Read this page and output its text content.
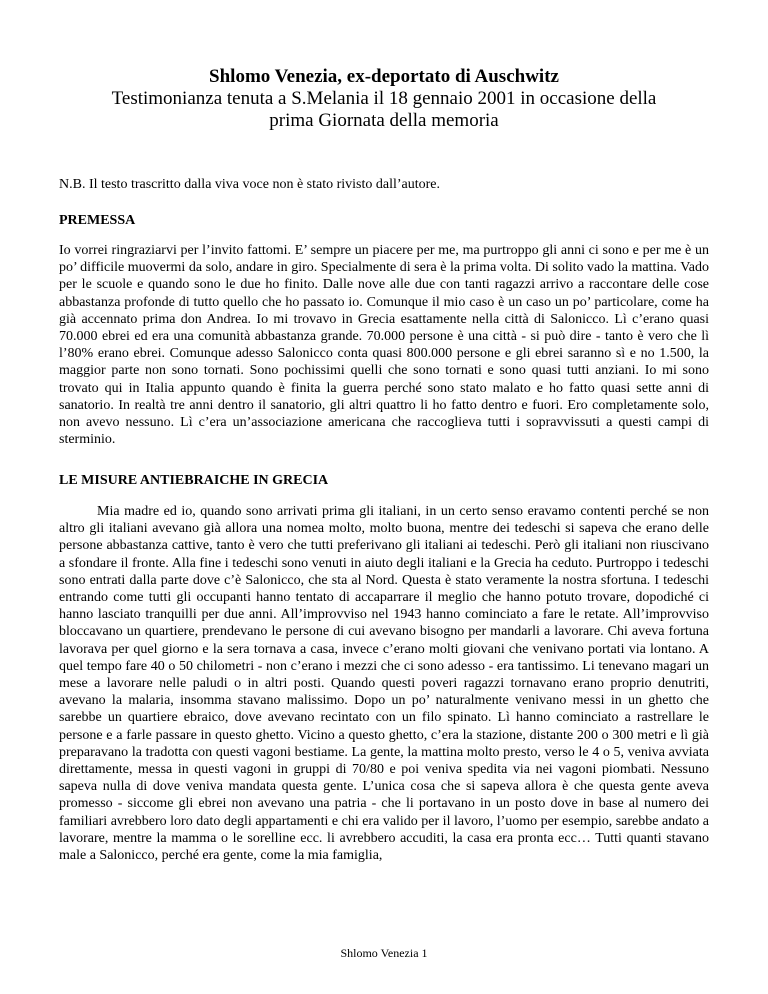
Shlomo Venezia, ex-deportato di Auschwitz
Testimonianza tenuta a S.Melania il 18 gennaio 2001 in occasione della
prima Giornata della memoria
N.B. Il testo trascritto dalla viva voce non è stato rivisto dall’autore.
PREMESSA
Io vorrei ringraziarvi per l’invito fattomi. E’ sempre un piacere per me, ma purtroppo gli anni ci sono e per me è un po’ difficile muovermi da solo, andare in giro. Specialmente di sera è la prima volta. Di solito vado la mattina. Vado per le scuole e quando sono le due ho finito. Dalle nove alle due con tanti ragazzi arrivo a raccontare delle cose abbastanza profonde di tutto quello che ho passato io. Comunque il mio caso è un caso un po’ particolare, come ha già accennato prima don Andrea. Io mi trovavo in Grecia esattamente nella città di Salonicco. Lì c’erano quasi 70.000 ebrei ed era una comunità abbastanza grande. 70.000 persone è una città - si può dire - tanto è vero che lì l’80% erano ebrei. Comunque adesso Salonicco conta quasi 800.000 persone e gli ebrei saranno sì e no 1.500, la maggior parte non sono tornati. Sono pochissimi quelli che sono tornati e sono quasi tutti anziani. Io mi sono trovato qui in Italia appunto quando è finita la guerra perché sono stato malato e ho fatto quasi sette anni di sanatorio. In realtà tre anni dentro il sanatorio, gli altri quattro li ho fatto dentro e fuori. Ero completamente solo, non avevo nessuno. Lì c’era un’associazione americana che raccoglieva tutti i sopravvissuti a questi campi di sterminio.
LE MISURE ANTIEBRAICHE IN GRECIA
Mia madre ed io, quando sono arrivati prima gli italiani, in un certo senso eravamo contenti perché se non altro gli italiani avevano già allora una nomea molto, molto buona, mentre dei tedeschi si sapeva che erano delle persone abbastanza cattive, tanto è vero che tutti preferivano gli italiani ai tedeschi. Però gli italiani non riuscivano a sfondare il fronte. Alla fine i tedeschi sono venuti in aiuto degli italiani e la Grecia ha ceduto. Purtroppo i tedeschi sono entrati dalla parte dove c’è Salonicco, che sta al Nord. Questa è stato veramente la nostra sfortuna. I tedeschi entrando come tutti gli occupanti hanno tentato di accaparrare il meglio che hanno potuto trovare, dopodiché ci hanno lasciato tranquilli per due anni. All’improvviso nel 1943 hanno cominciato a fare le retate. All’improvviso bloccavano un quartiere, prendevano le persone di cui avevano bisogno per mandarli a lavorare. Chi aveva fortuna lavorava per quel giorno e la sera tornava a casa, invece c’erano molti giovani che venivano portati via lontano. A quel tempo fare 40 o 50 chilometri - non c’erano i mezzi che ci sono adesso - era tantissimo. Li tenevano magari un mese a lavorare nelle paludi o in altri posti. Quando questi poveri ragazzi tornavano erano proprio denutriti, avevano la malaria, insomma stavano malissimo. Dopo un po’ naturalmente venivano messi in un ghetto che sarebbe un quartiere ebraico, dove avevano recintato con un filo spinato. Lì hanno cominciato a rastrellare le persone e a farle passare in questo ghetto. Vicino a questo ghetto, c’era la stazione, distante 200 o 300 metri e lì già preparavano la tradotta con questi vagoni bestiame. La gente, la mattina molto presto, verso le 4 o 5, veniva avviata direttamente, messa in questi vagoni in gruppi di 70/80 e poi veniva spedita via nei vagoni piombati. Nessuno sapeva nulla di dove veniva mandata questa gente. L’unica cosa che si sapeva allora è che questa gente aveva promesso - siccome gli ebrei non avevano una patria - che li portavano in un posto dove in base al numero dei familiari avrebbero loro dato degli appartamenti e chi era valido per il lavoro, l’uomo per esempio, sarebbe andato a lavorare, mentre la mamma o le sorelline ecc. li avrebbero accuditi, la casa era pronta ecc… Tutti quanti stavano male a Salonicco, perché era gente, come la mia famiglia,
Shlomo Venezia 1
